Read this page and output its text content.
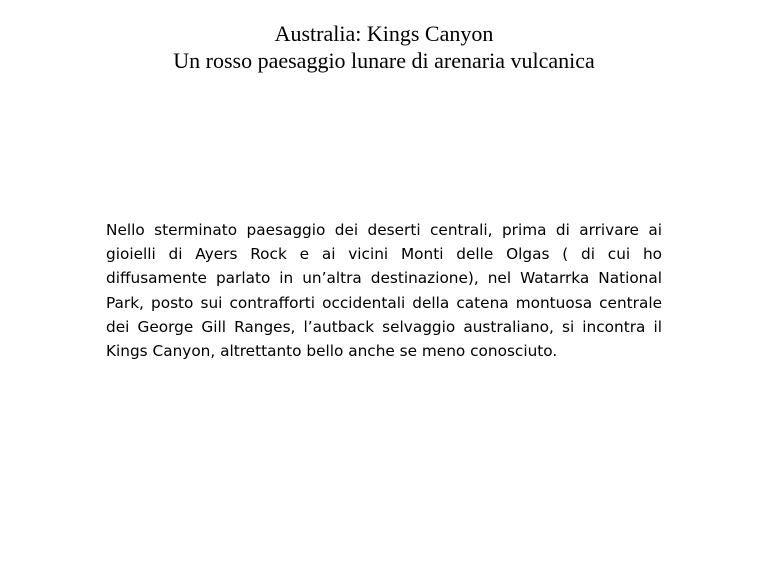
Australia: Kings Canyon
Un rosso paesaggio lunare di arenaria vulcanica

Nello sterminato paesaggio dei deserti centrali, prima di arrivare ai gioielli di Ayers Rock e ai vicini Monti delle Olgas ( di cui ho diffusamente parlato in un’altra destinazione), nel Watarrka National Park, posto sui contrafforti occidentali della catena montuosa centrale dei George Gill Ranges, l’autback selvaggio australiano, si incontra il Kings Canyon, altrettanto bello anche se meno conosciuto.
